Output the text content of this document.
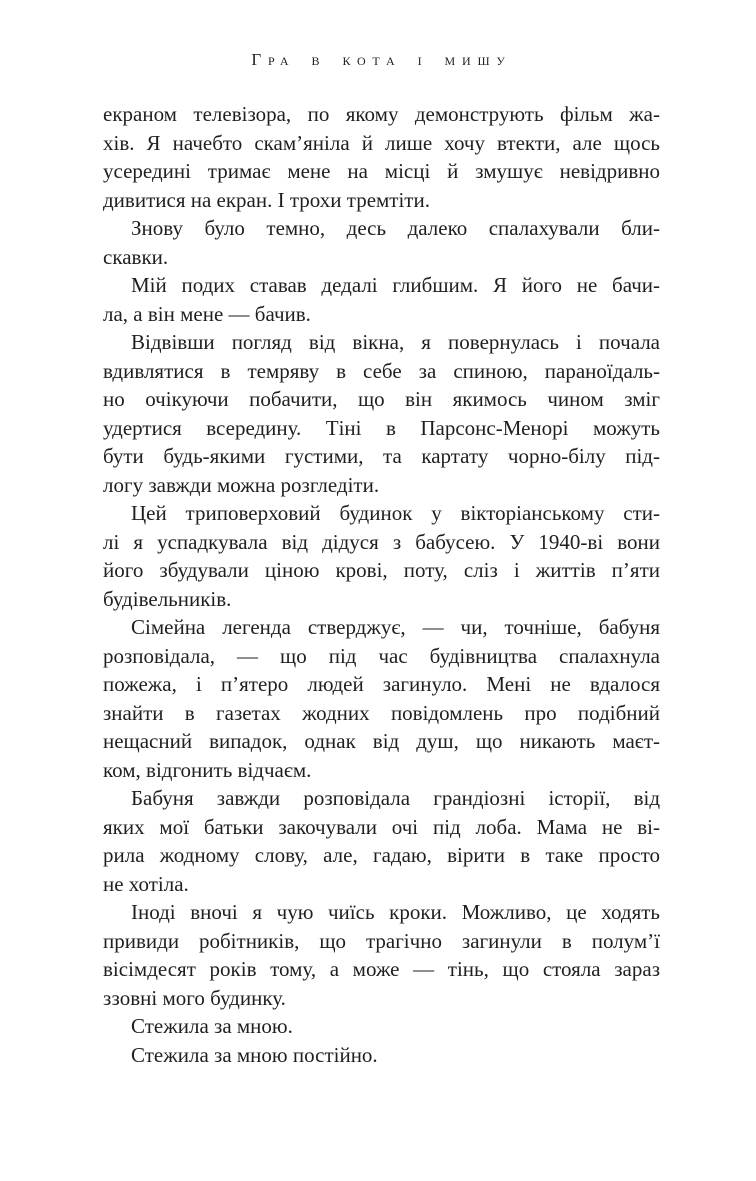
Гра в кота і мишу
екраном телевізора, по якому демонструють фільм жа-
хів. Я начебто скам’яніла й лише хочу втекти, але щось
усередині тримає мене на місці й змушує невідривно
дивитися на екран. І трохи тремтіти.
Знову було темно, десь далеко спалахували бли-
скавки.
Мій подих ставав дедалі глибшим. Я його не бачи-
ла, а він мене — бачив.
Відвівши погляд від вікна, я повернулась і почала
вдивлятися в темряву в себе за спиною, параноїдаль-
но очікуючи побачити, що він якимось чином зміг
удертися всередину. Тіні в Парсонс-Менорі можуть
бути будь-якими густими, та картату чорно-білу під-
логу завжди можна розгледіти.
Цей триповерховий будинок у вікторіанському сти-
лі я успадкувала від дідуся з бабусею. У 1940-ві вони
його збудували ціною крові, поту, сліз і життів п’яти
будівельників.
Сімейна легенда стверджує, — чи, точніше, бабуня
розповідала, — що під час будівництва спалахнула
пожежа, і п’ятеро людей загинуло. Мені не вдалося
знайти в газетах жодних повідомлень про подібний
нещасний випадок, однак від душ, що никають маєт-
ком, відгонить відчаєм.
Бабуня завжди розповідала грандіозні історії, від
яких мої батьки закочували очі під лоба. Мама не ві-
рила жодному слову, але, гадаю, вірити в таке просто
не хотіла.
Іноді вночі я чую чиїсь кроки. Можливо, це ходять
привиди робітників, що трагічно загинули в полум’ї
вісімдесят років тому, а може — тінь, що стояла зараз
ззовні мого будинку.
Стежила за мною.
Стежила за мною постійно.
